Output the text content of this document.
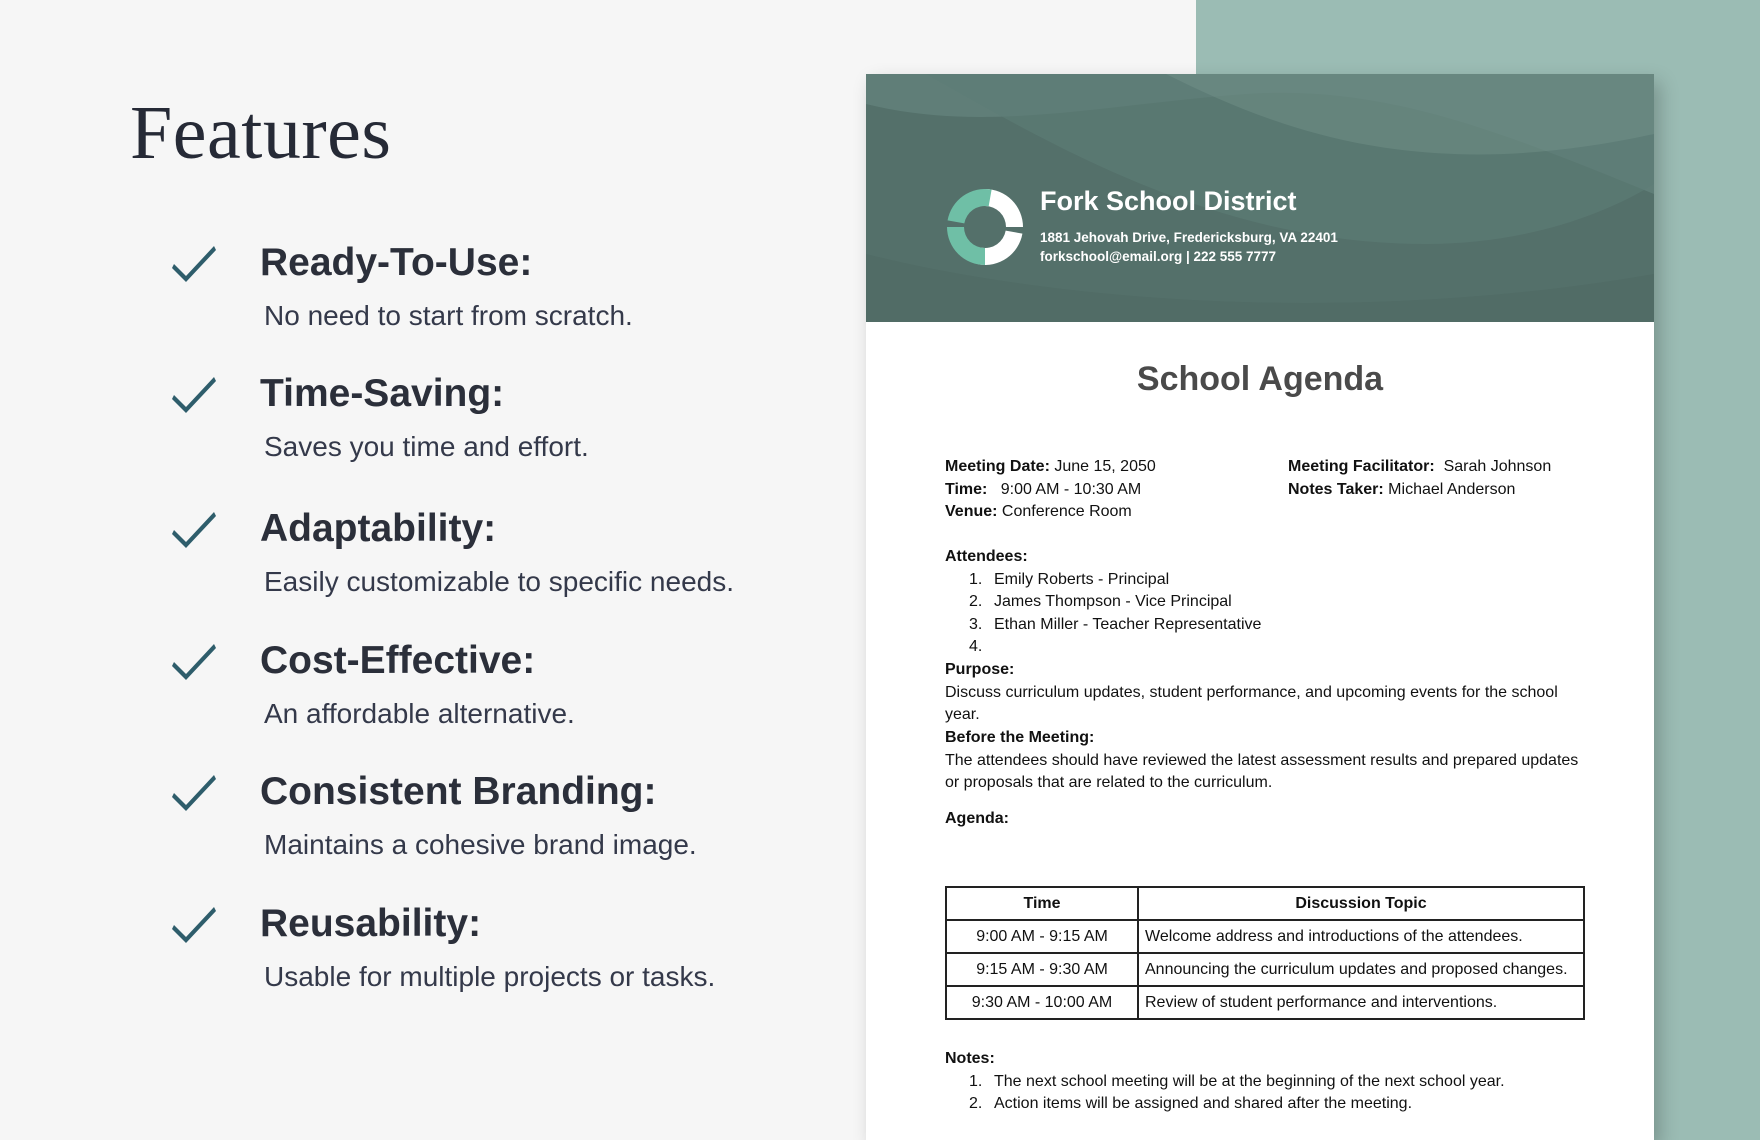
Features
Ready-To-Use:

No need to start from scratch.

Time-Saving:

Saves you time and effort.

Adaptability:

Easily customizable to specific needs.

Cost-Effective:

An affordable alternative.

Consistent Branding:

Maintains a cohesive brand image.

Reusability:

Usable for multiple projects or tasks.

Fork School District
1881 Jehovah Drive, Fredericksburg, VA 22401
forkschool@email.org | 222 555 7777
School Agenda
Meeting Date: June 15, 2050
Time:   9:00 AM - 10:30 AM
Venue: Conference Room
Meeting Facilitator:  Sarah Johnson
Notes Taker: Michael Anderson
Attendees:
1. Emily Roberts - Principal
2. James Thompson - Vice Principal
3. Ethan Miller - Teacher Representative
4.

Purpose:
Discuss curriculum updates, student performance, and upcoming events for the school year.
Before the Meeting:
The attendees should have reviewed the latest assessment results and prepared updates or proposals that are related to the curriculum.
Agenda:
Time	Discussion Topic
9:00 AM - 9:15 AM	Welcome address and introductions of the attendees.
9:15 AM - 9:30 AM	Announcing the curriculum updates and proposed changes.
9:30 AM - 10:00 AM	Review of student performance and interventions.
Notes:
1. The next school meeting will be at the beginning of the next school year.
2. Action items will be assigned and shared after the meeting.
